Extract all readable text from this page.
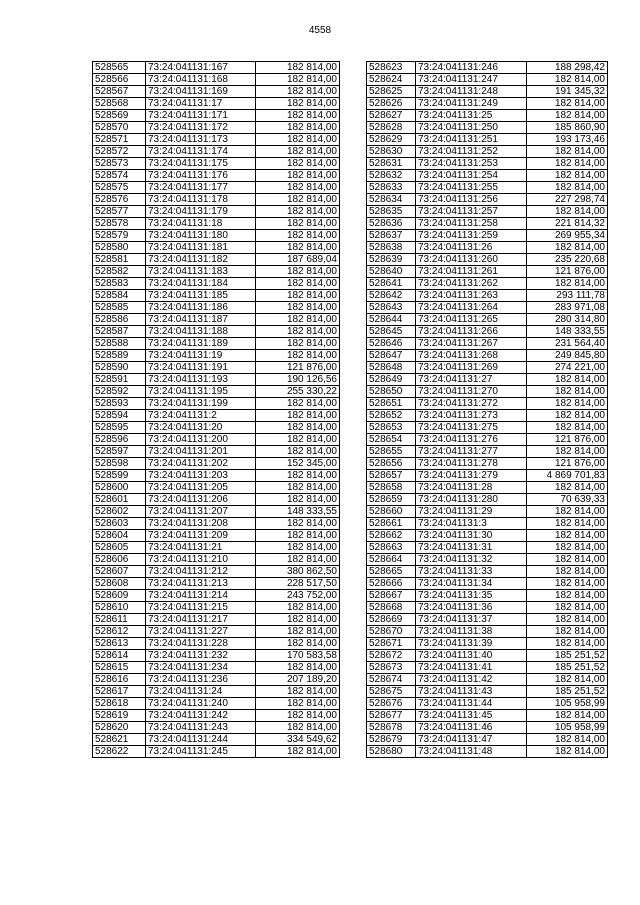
4558
528565	73:24:041131:167	182 814,00
528566	73:24:041131:168	182 814,00
528567	73:24:041131:169	182 814,00
528568	73:24:041131:17	182 814,00
528569	73:24:041131:171	182 814,00
528570	73:24:041131:172	182 814,00
528571	73:24:041131:173	182 814,00
528572	73:24:041131:174	182 814,00
528573	73:24:041131:175	182 814,00
528574	73:24:041131:176	182 814,00
528575	73:24:041131:177	182 814,00
528576	73:24:041131:178	182 814,00
528577	73:24:041131:179	182 814,00
528578	73:24:041131:18	182 814,00
528579	73:24:041131:180	182 814,00
528580	73:24:041131:181	182 814,00
528581	73:24:041131:182	187 689,04
528582	73:24:041131:183	182 814,00
528583	73:24:041131:184	182 814,00
528584	73:24:041131:185	182 814,00
528585	73:24:041131:186	182 814,00
528586	73:24:041131:187	182 814,00
528587	73:24:041131:188	182 814,00
528588	73:24:041131:189	182 814,00
528589	73:24:041131:19	182 814,00
528590	73:24:041131:191	121 876,00
528591	73:24:041131:193	190 126,56
528592	73:24:041131:195	255 330,22
528593	73:24:041131:199	182 814,00
528594	73:24:041131:2	182 814,00
528595	73:24:041131:20	182 814,00
528596	73:24:041131:200	182 814,00
528597	73:24:041131:201	182 814,00
528598	73:24:041131:202	152 345,00
528599	73:24:041131:203	182 814,00
528600	73:24:041131:205	182 814,00
528601	73:24:041131:206	182 814,00
528602	73:24:041131:207	148 333,55
528603	73:24:041131:208	182 814,00
528604	73:24:041131:209	182 814,00
528605	73:24:041131:21	182 814,00
528606	73:24:041131:210	182 814,00
528607	73:24:041131:212	380 862,50
528608	73:24:041131:213	228 517,50
528609	73:24:041131:214	243 752,00
528610	73:24:041131:215	182 814,00
528611	73:24:041131:217	182 814,00
528612	73:24:041131:227	182 814,00
528613	73:24:041131:228	182 814,00
528614	73:24:041131:232	170 583,58
528615	73:24:041131:234	182 814,00
528616	73:24:041131:236	207 189,20
528617	73:24:041131:24	182 814,00
528618	73:24:041131:240	182 814,00
528619	73:24:041131:242	182 814,00
528620	73:24:041131:243	182 814,00
528621	73:24:041131:244	334 549,62
528622	73:24:041131:245	182 814,00
528623	73:24:041131:246	188 298,42
528624	73:24:041131:247	182 814,00
528625	73:24:041131:248	191 345,32
528626	73:24:041131:249	182 814,00
528627	73:24:041131:25	182 814,00
528628	73:24:041131:250	185 860,90
528629	73:24:041131:251	193 173,46
528630	73:24:041131:252	182 814,00
528631	73:24:041131:253	182 814,00
528632	73:24:041131:254	182 814,00
528633	73:24:041131:255	182 814,00
528634	73:24:041131:256	227 298,74
528635	73:24:041131:257	182 814,00
528636	73:24:041131:258	221 814,32
528637	73:24:041131:259	269 955,34
528638	73:24:041131:26	182 814,00
528639	73:24:041131:260	235 220,68
528640	73:24:041131:261	121 876,00
528641	73:24:041131:262	182 814,00
528642	73:24:041131:263	293 111,78
528643	73:24:041131:264	283 971,08
528644	73:24:041131:265	280 314,80
528645	73:24:041131:266	148 333,55
528646	73:24:041131:267	231 564,40
528647	73:24:041131:268	249 845,80
528648	73:24:041131:269	274 221,00
528649	73:24:041131:27	182 814,00
528650	73:24:041131:270	182 814,00
528651	73:24:041131:272	182 814,00
528652	73:24:041131:273	182 814,00
528653	73:24:041131:275	182 814,00
528654	73:24:041131:276	121 876,00
528655	73:24:041131:277	182 814,00
528656	73:24:041131:278	121 876,00
528657	73:24:041131:279	4 869 701,83
528658	73:24:041131:28	182 814,00
528659	73:24:041131:280	70 639,33
528660	73:24:041131:29	182 814,00
528661	73:24:041131:3	182 814,00
528662	73:24:041131:30	182 814,00
528663	73:24:041131:31	182 814,00
528664	73:24:041131:32	182 814,00
528665	73:24:041131:33	182 814,00
528666	73:24:041131:34	182 814,00
528667	73:24:041131:35	182 814,00
528668	73:24:041131:36	182 814,00
528669	73:24:041131:37	182 814,00
528670	73:24:041131:38	182 814,00
528671	73:24:041131:39	182 814,00
528672	73:24:041131:40	185 251,52
528673	73:24:041131:41	185 251,52
528674	73:24:041131:42	182 814,00
528675	73:24:041131:43	185 251,52
528676	73:24:041131:44	105 958,99
528677	73:24:041131:45	182 814,00
528678	73:24:041131:46	105 958,99
528679	73:24:041131:47	182 814,00
528680	73:24:041131:48	182 814,00
